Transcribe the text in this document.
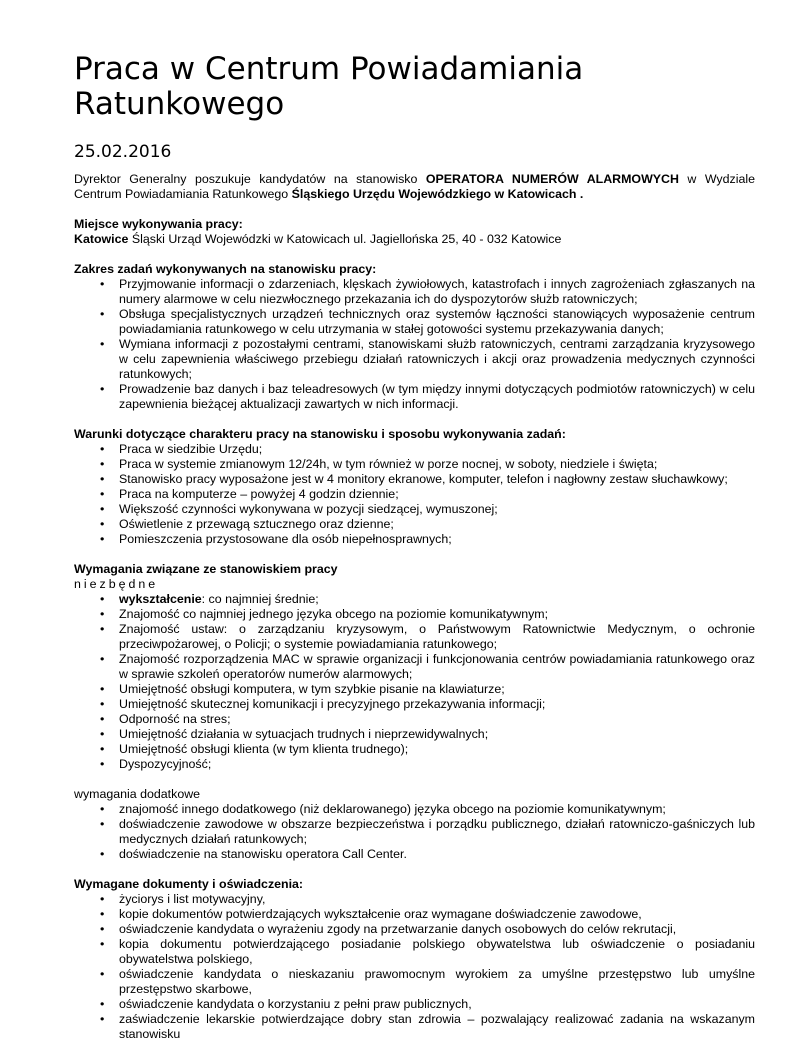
Praca w Centrum Powiadamiania
Ratunkowego
25.02.2016

Dyrektor Generalny poszukuje kandydatów na stanowisko OPERATORA NUMERÓW ALARMOWYCH w Wydziale Centrum Powiadamiania Ratunkowego Śląskiego Urzędu Wojewódzkiego w Katowicach .

Miejsce wykonywania pracy:

Katowice Śląski Urząd Wojewódzki w Katowicach ul. Jagiellońska 25, 40 - 032 Katowice

Zakres zadań wykonywanych na stanowisku pracy:

• Przyjmowanie informacji o zdarzeniach, klęskach żywiołowych, katastrofach i innych zagrożeniach zgłaszanych na numery alarmowe w celu niezwłocznego przekazania ich do dyspozytorów służb ratowniczych;
• Obsługa specjalistycznych urządzeń technicznych oraz systemów łączności stanowiących wyposażenie centrum powiadamiania ratunkowego w celu utrzymania w stałej gotowości systemu przekazywania danych;
• Wymiana informacji z pozostałymi centrami, stanowiskami służb ratowniczych, centrami zarządzania kryzysowego w celu zapewnienia właściwego przebiegu działań ratowniczych i akcji oraz prowadzenia medycznych czynności ratunkowych;
• Prowadzenie baz danych i baz teleadresowych (w tym między innymi dotyczących podmiotów ratowniczych) w celu zapewnienia bieżącej aktualizacji zawartych w nich informacji.

Warunki dotyczące charakteru pracy na stanowisku i sposobu wykonywania zadań:

• Praca w siedzibie Urzędu;
• Praca w systemie zmianowym 12/24h, w tym również w porze nocnej, w soboty, niedziele i święta;
• Stanowisko pracy wyposażone jest w 4 monitory ekranowe, komputer, telefon i nagłowny zestaw słuchawkowy;
• Praca na komputerze – powyżej 4 godzin dziennie;
• Większość czynności wykonywana w pozycji siedzącej, wymuszonej;
• Oświetlenie z przewagą sztucznego oraz dzienne;
• Pomieszczenia przystosowane dla osób niepełnosprawnych;

Wymagania związane ze stanowiskiem pracy

niezbędne

• wykształcenie: co najmniej średnie;
• Znajomość co najmniej jednego języka obcego na poziomie komunikatywnym;
• Znajomość ustaw: o zarządzaniu kryzysowym, o Państwowym Ratownictwie Medycznym, o ochronie przeciwpożarowej, o Policji; o systemie powiadamiania ratunkowego;
• Znajomość rozporządzenia MAC w sprawie organizacji i funkcjonowania centrów powiadamiania ratunkowego oraz w sprawie szkoleń operatorów numerów alarmowych;
• Umiejętność obsługi komputera, w tym szybkie pisanie na klawiaturze;
• Umiejętność skutecznej komunikacji i precyzyjnego przekazywania informacji;
• Odporność na stres;
• Umiejętność działania w sytuacjach trudnych i nieprzewidywalnych;
• Umiejętność obsługi klienta (w tym klienta trudnego);
• Dyspozycyjność;

wymagania dodatkowe

• znajomość innego dodatkowego (niż deklarowanego) języka obcego na poziomie komunikatywnym;
• doświadczenie zawodowe w obszarze bezpieczeństwa i porządku publicznego, działań ratowniczo-gaśniczych lub medycznych działań ratunkowych;
• doświadczenie na stanowisku operatora Call Center.

Wymagane dokumenty i oświadczenia:

• życiorys i list motywacyjny,
• kopie dokumentów potwierdzających wykształcenie oraz wymagane doświadczenie zawodowe,
• oświadczenie kandydata o wyrażeniu zgody na przetwarzanie danych osobowych do celów rekrutacji,
• kopia dokumentu potwierdzającego posiadanie polskiego obywatelstwa lub oświadczenie o posiadaniu obywatelstwa polskiego,
• oświadczenie kandydata o nieskazaniu prawomocnym wyrokiem za umyślne przestępstwo lub umyślne przestępstwo skarbowe,
• oświadczenie kandydata o korzystaniu z pełni praw publicznych,
• zaświadczenie lekarskie potwierdzające dobry stan zdrowia – pozwalający realizować zadania na wskazanym stanowisku
